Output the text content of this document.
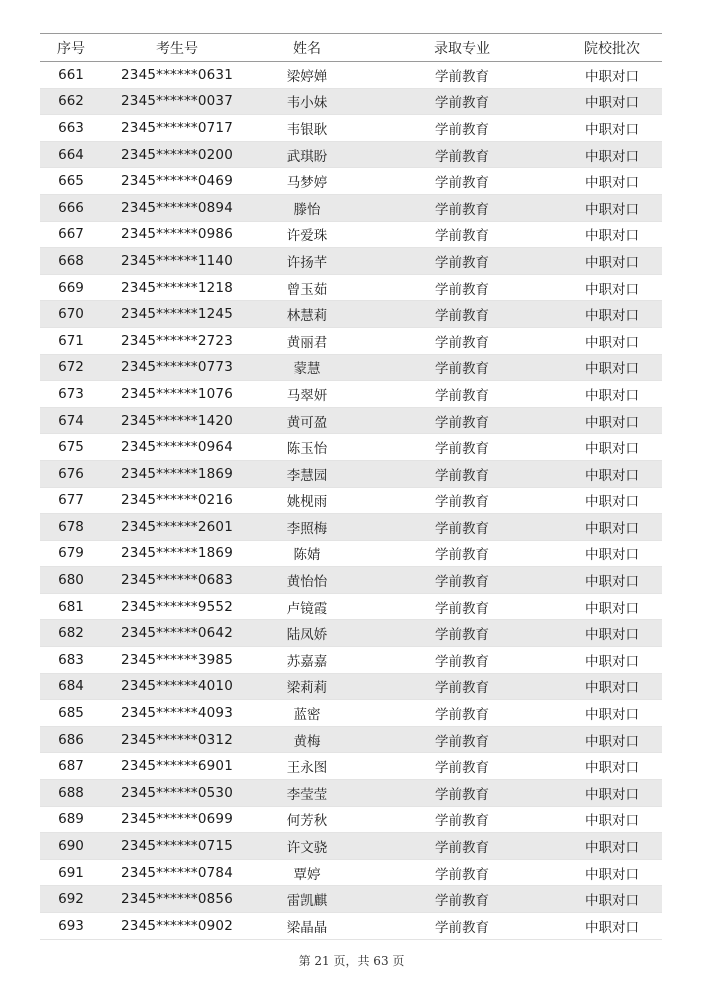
序号	考生号	姓名	录取专业	院校批次
661	2345******0631	梁婷婵	学前教育	中职对口
662	2345******0037	韦小妹	学前教育	中职对口
663	2345******0717	韦银耿	学前教育	中职对口
664	2345******0200	武琪盼	学前教育	中职对口
665	2345******0469	马梦婷	学前教育	中职对口
666	2345******0894	滕怡	学前教育	中职对口
667	2345******0986	许爱珠	学前教育	中职对口
668	2345******1140	许扬芊	学前教育	中职对口
669	2345******1218	曾玉茹	学前教育	中职对口
670	2345******1245	林慧莉	学前教育	中职对口
671	2345******2723	黄丽君	学前教育	中职对口
672	2345******0773	蒙慧	学前教育	中职对口
673	2345******1076	马翠妍	学前教育	中职对口
674	2345******1420	黄可盈	学前教育	中职对口
675	2345******0964	陈玉怡	学前教育	中职对口
676	2345******1869	李慧园	学前教育	中职对口
677	2345******0216	姚枧雨	学前教育	中职对口
678	2345******2601	李照梅	学前教育	中职对口
679	2345******1869	陈婧	学前教育	中职对口
680	2345******0683	黄怡怡	学前教育	中职对口
681	2345******9552	卢镜霞	学前教育	中职对口
682	2345******0642	陆凤娇	学前教育	中职对口
683	2345******3985	苏嘉嘉	学前教育	中职对口
684	2345******4010	梁莉莉	学前教育	中职对口
685	2345******4093	蓝密	学前教育	中职对口
686	2345******0312	黄梅	学前教育	中职对口
687	2345******6901	王永图	学前教育	中职对口
688	2345******0530	李莹莹	学前教育	中职对口
689	2345******0699	何芳秋	学前教育	中职对口
690	2345******0715	许文骁	学前教育	中职对口
691	2345******0784	覃婷	学前教育	中职对口
692	2345******0856	雷凯麒	学前教育	中职对口
693	2345******0902	梁晶晶	学前教育	中职对口
第 21 页，共 63 页
